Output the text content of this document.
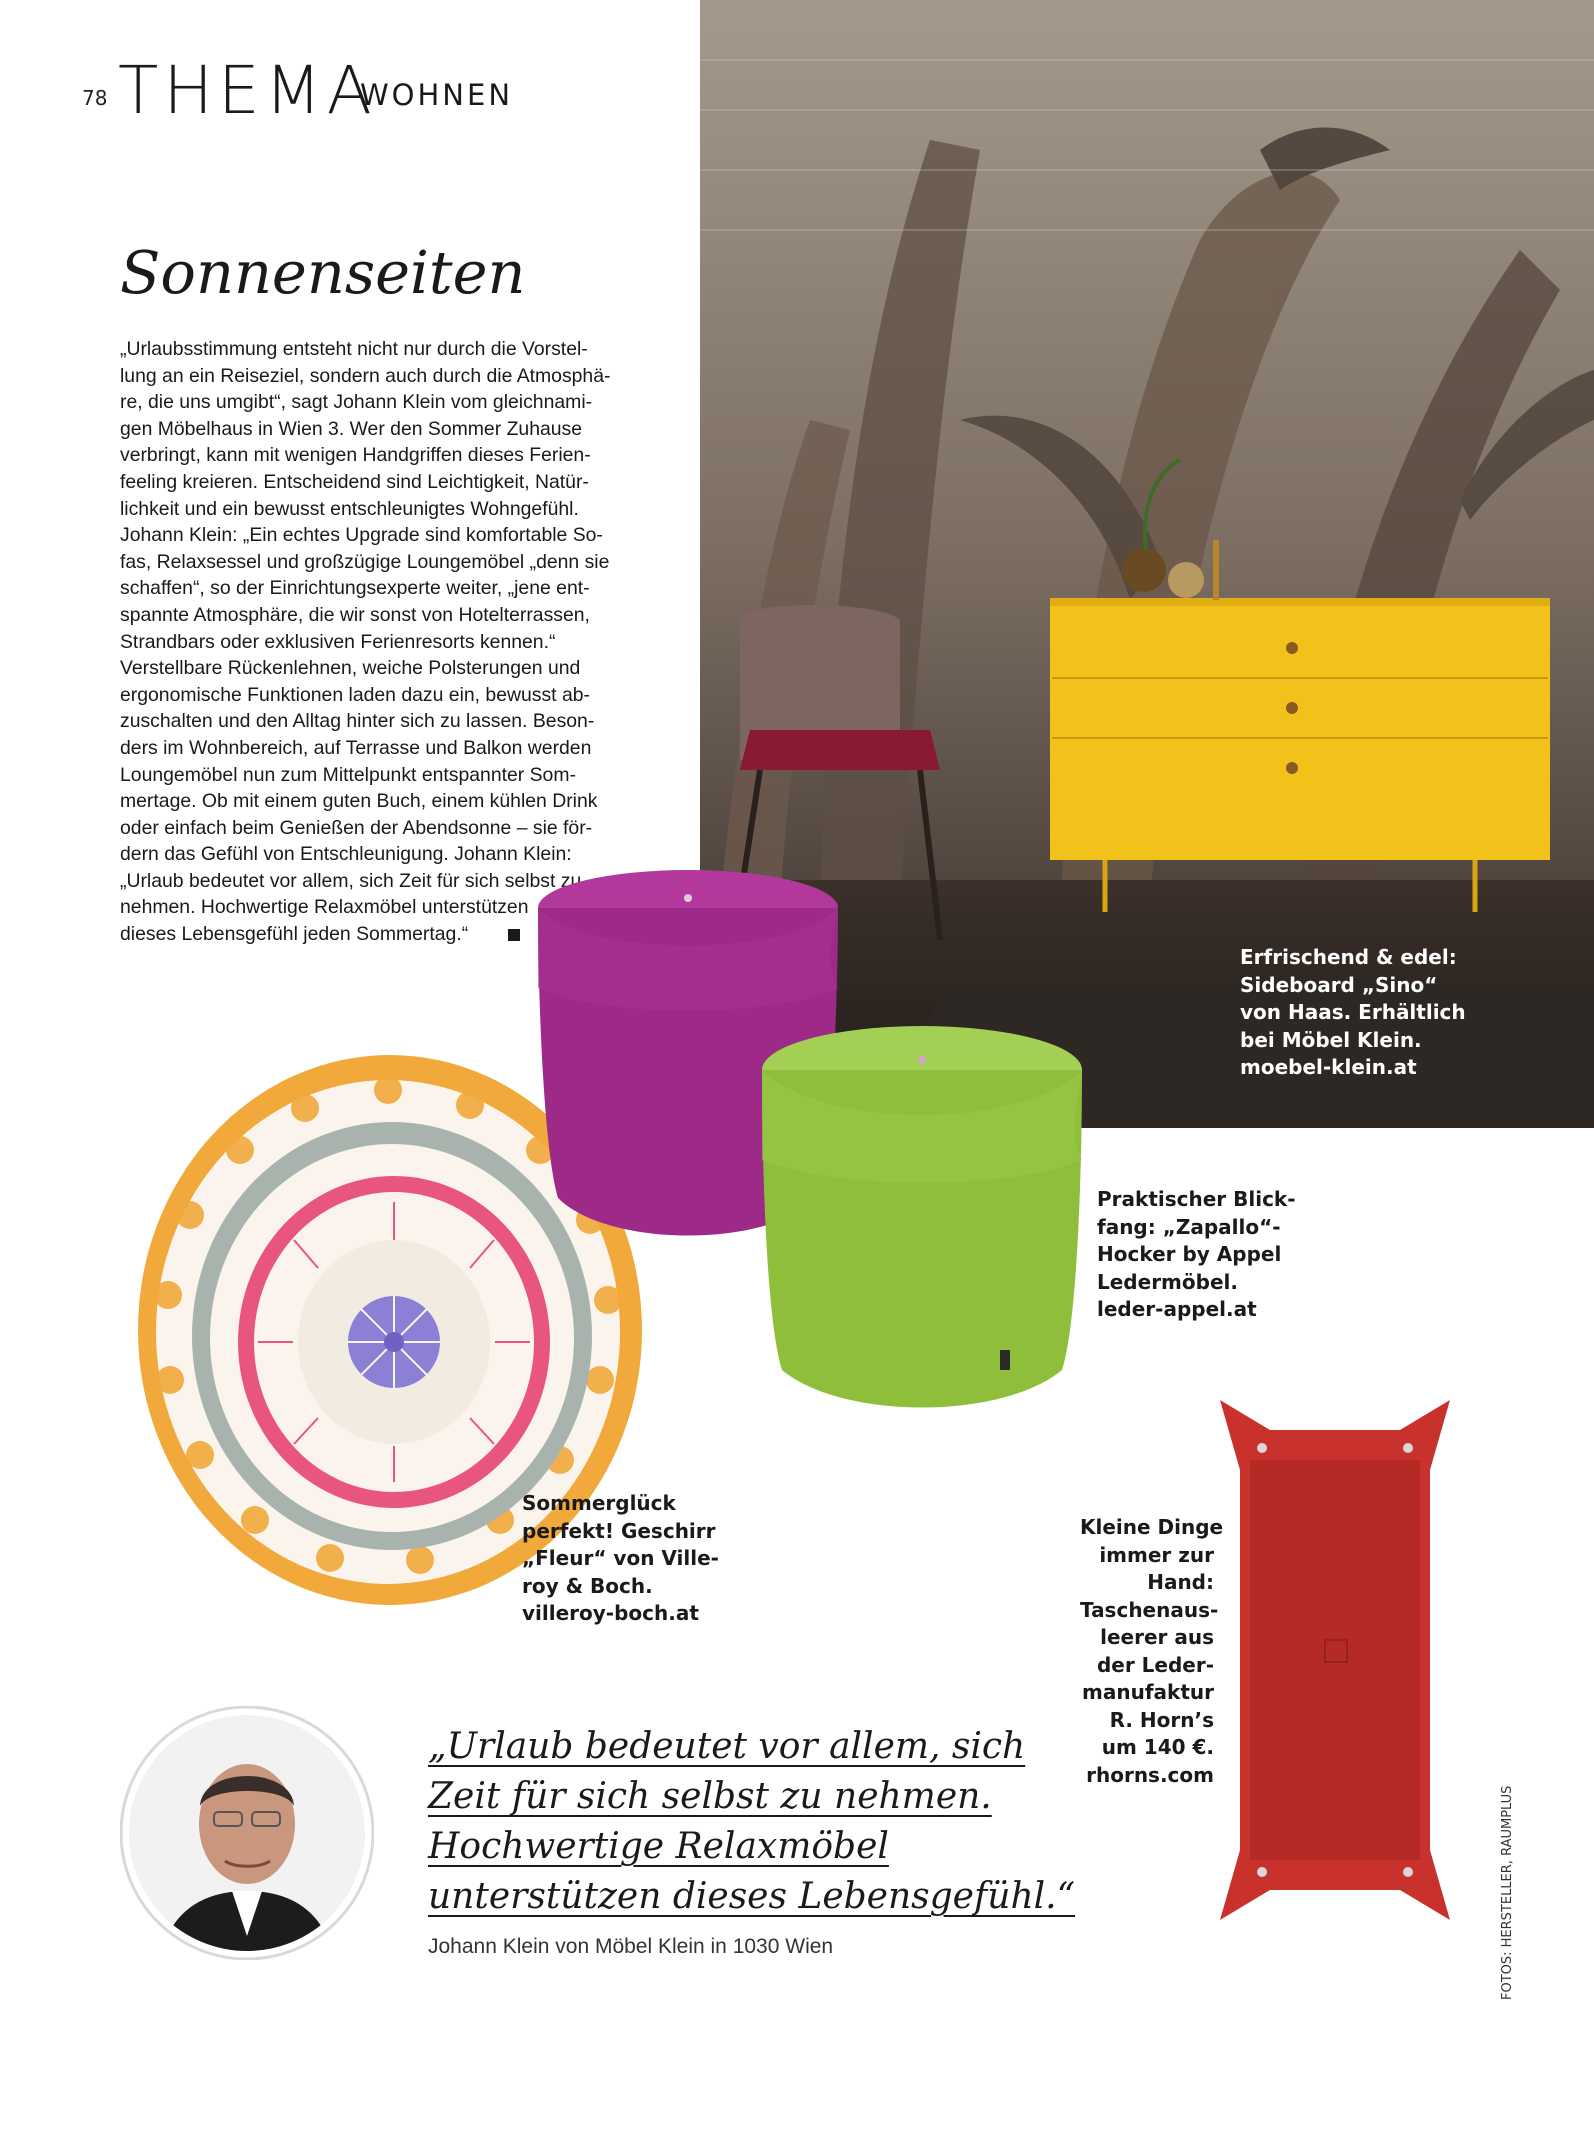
78 THEMA
WOHNEN
Sonnenseiten
„Urlaubsstimmung entsteht nicht nur durch die Vorstel-
lung an ein Reiseziel, sondern auch durch die Atmosphä-
re, die uns umgibt“, sagt Johann Klein vom gleichnami-
gen Möbelhaus in Wien 3. Wer den Sommer Zuhause
verbringt, kann mit wenigen Handgriffen dieses Ferien-
feeling kreieren. Entscheidend sind Leichtigkeit, Natür-
lichkeit und ein bewusst entschleunigtes Wohngefühl.
Johann Klein: „Ein echtes Upgrade sind komfortable So-
fas, Relaxsessel und großzügige Loungemöbel „denn sie
schaffen“, so der Einrichtungsexperte weiter, „jene ent-
spannte Atmosphäre, die wir sonst von Hotelterrassen,
Strandbars oder exklusiven Ferienresorts kennen.“
Verstellbare Rückenlehnen, weiche Polsterungen und
ergonomische Funktionen laden dazu ein, bewusst ab-
zuschalten und den Alltag hinter sich zu lassen. Beson-
ders im Wohnbereich, auf Terrasse und Balkon werden
Loungemöbel nun zum Mittelpunkt entspannter Som-
mertage. Ob mit einem guten Buch, einem kühlen Drink
oder einfach beim Genießen der Abendsonne – sie för-
dern das Gefühl von Entschleunigung. Johann Klein:
„Urlaub bedeutet vor allem, sich Zeit für sich selbst zu
nehmen. Hochwertige Relaxmöbel unterstützen
dieses Lebensgefühl jeden Sommertag.“
Erfrischend & edel:
Sideboard „Sino“
von Haas. Erhältlich
bei Möbel Klein.
moebel-klein.at
Praktischer Blick-
fang: „Zapallo“-
Hocker by Appel
Ledermöbel.
leder-appel.at
Sommerglück
perfekt! Geschirr
„Fleur“ von Ville-
roy & Boch.
villeroy-boch.at
Kleine Dinge
immer zur
Hand:
Taschenaus-
leerer aus
der Leder-
manufaktur
R. Horn’s
um 140 €.
rhorns.com
„Urlaub bedeutet vor allem, sich
Zeit für sich selbst zu nehmen.
Hochwertige Relaxmöbel
unterstützen dieses Lebensgefühl.“
Johann Klein von Möbel Klein in 1030 Wien	FOTOS: HERSTELLER, RAUMPLUS
